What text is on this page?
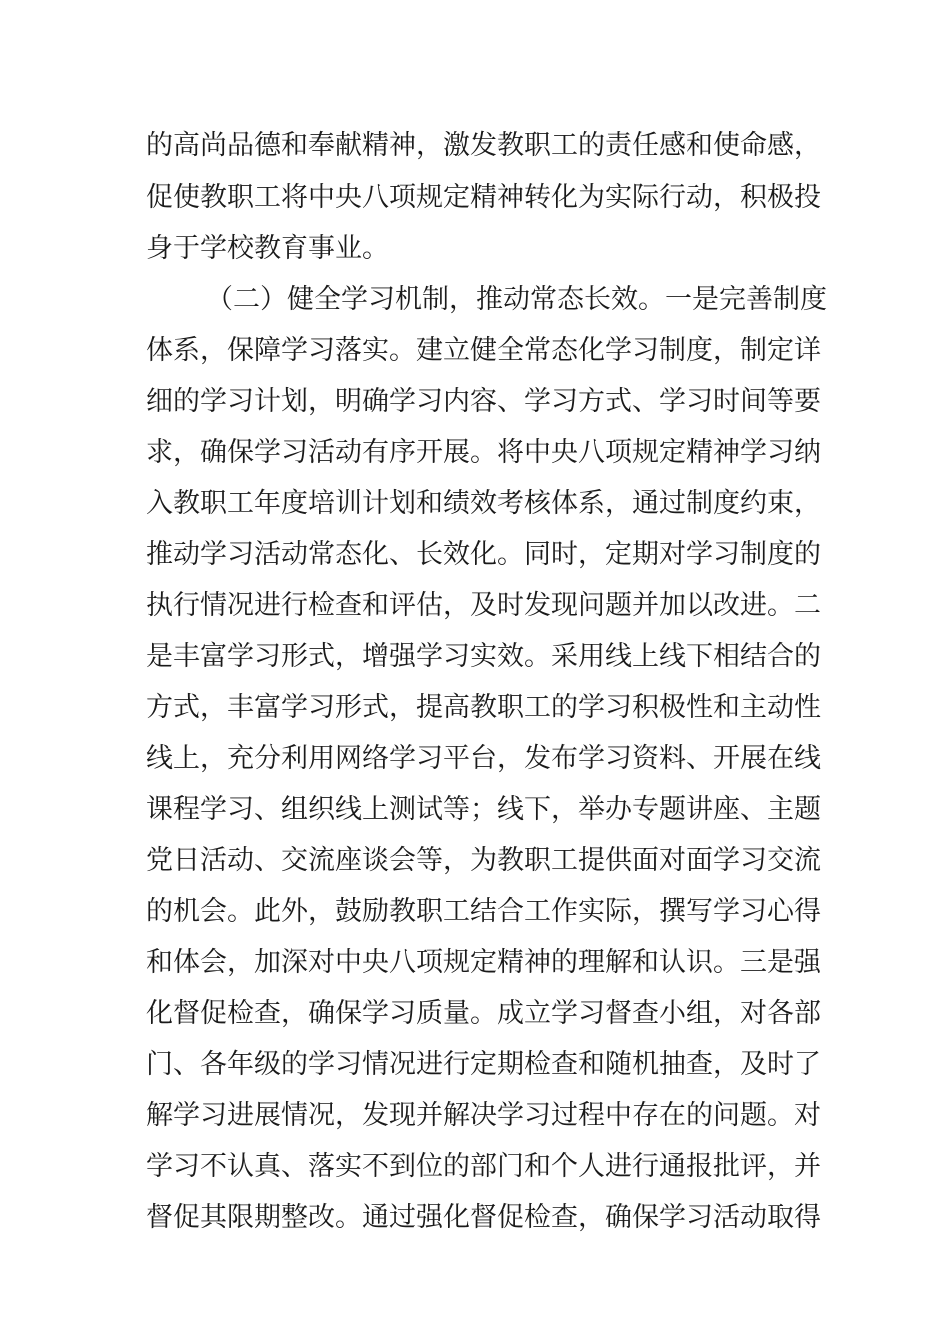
的高尚品德和奉献精神，激发教职工的责任感和使命感，
促使教职工将中央八项规定精神转化为实际行动，积极投
身于学校教育事业。
（二）健全学习机制，推动常态长效。一是完善制度
体系，保障学习落实。建立健全常态化学习制度，制定详
细的学习计划，明确学习内容、学习方式、学习时间等要
求，确保学习活动有序开展。将中央八项规定精神学习纳
入教职工年度培训计划和绩效考核体系，通过制度约束，
推动学习活动常态化、长效化。同时，定期对学习制度的
执行情况进行检查和评估，及时发现问题并加以改进。二
是丰富学习形式，增强学习实效。采用线上线下相结合的
方式，丰富学习形式，提高教职工的学习积极性和主动性
线上，充分利用网络学习平台，发布学习资料、开展在线
课程学习、组织线上测试等；线下，举办专题讲座、主题
党日活动、交流座谈会等，为教职工提供面对面学习交流
的机会。此外，鼓励教职工结合工作实际，撰写学习心得
和体会，加深对中央八项规定精神的理解和认识。三是强
化督促检查，确保学习质量。成立学习督查小组，对各部
门、各年级的学习情况进行定期检查和随机抽查，及时了
解学习进展情况，发现并解决学习过程中存在的问题。对
学习不认真、落实不到位的部门和个人进行通报批评，并
督促其限期整改。通过强化督促检查，确保学习活动取得
